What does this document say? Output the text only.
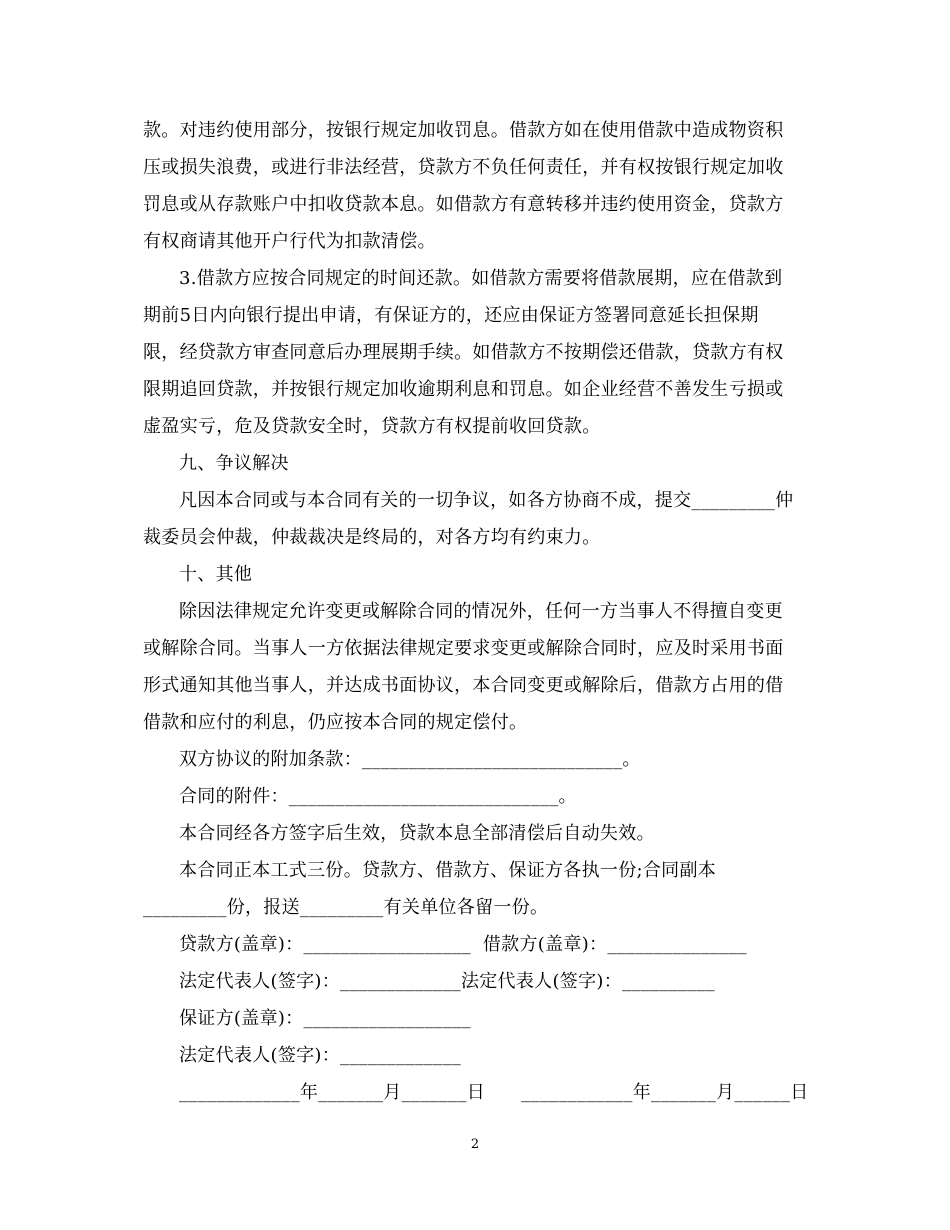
款。对违约使用部分，按银行规定加收罚息。借款方如在使用借款中造成物资积
压或损失浪费，或进行非法经营，贷款方不负任何责任，并有权按银行规定加收
罚息或从存款账户中扣收贷款本息。如借款方有意转移并违约使用资金，贷款方
有权商请其他开户行代为扣款清偿。
3.借款方应按合同规定的时间还款。如借款方需要将借款展期，应在借款到
期前5日内向银行提出申请，有保证方的，还应由保证方签署同意延长担保期
限，经贷款方审查同意后办理展期手续。如借款方不按期偿还借款，贷款方有权
限期追回贷款，并按银行规定加收逾期利息和罚息。如企业经营不善发生亏损或
虚盈实亏，危及贷款安全时，贷款方有权提前收回贷款。
九、争议解决
凡因本合同或与本合同有关的一切争议，如各方协商不成，提交_________仲
裁委员会仲裁，仲裁裁决是终局的，对各方均有约束力。
十、其他
除因法律规定允许变更或解除合同的情况外，任何一方当事人不得擅自变更
或解除合同。当事人一方依据法律规定要求变更或解除合同时，应及时采用书面
形式通知其他当事人，并达成书面协议，本合同变更或解除后，借款方占用的借
借款和应付的利息，仍应按本合同的规定偿付。
双方协议的附加条款：____________________________。
合同的附件：_____________________________。
本合同经各方签字后生效，贷款本息全部清偿后自动失效。
本合同正本工式三份。贷款方、借款方、保证方各执一份;合同副本
_________份，报送_________有关单位各留一份。
贷款方(盖章)：__________________  借款方(盖章)：_______________
法定代表人(签字)：_____________法定代表人(签字)：__________
保证方(盖章)：__________________
法定代表人(签字)：_____________
_____________年_______月_______日      ____________年_______月______日
2
